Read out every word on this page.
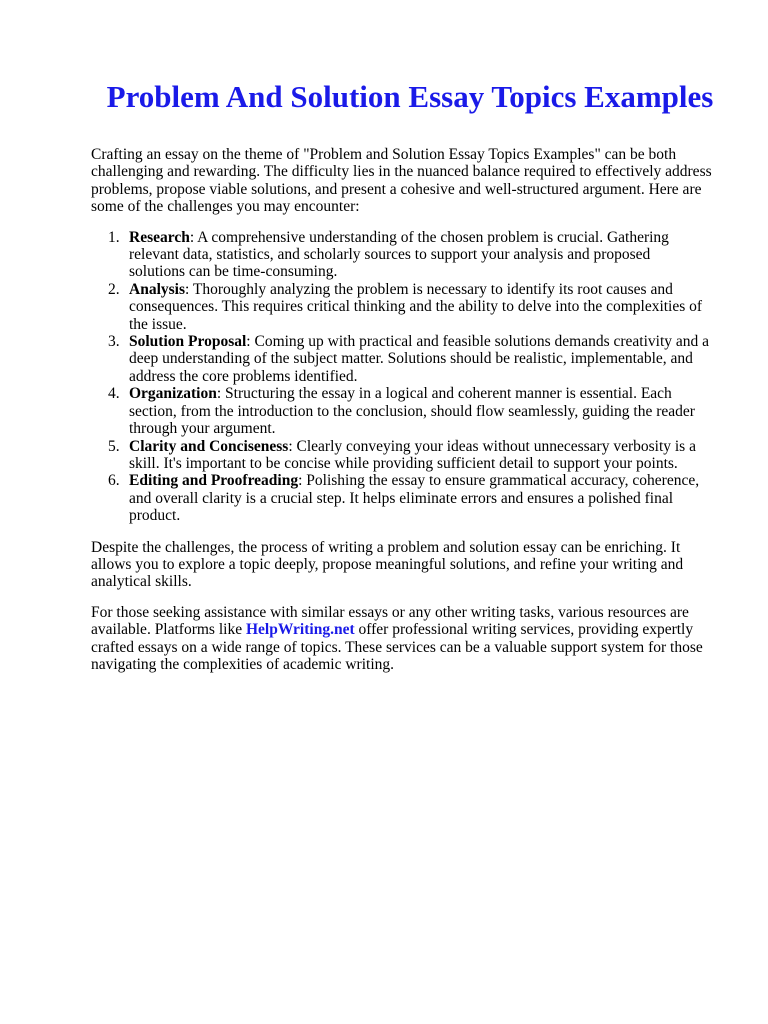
Problem And Solution Essay Topics Examples

Crafting an essay on the theme of "Problem and Solution Essay Topics Examples" can be both
challenging and rewarding. The difficulty lies in the nuanced balance required to effectively address
problems, propose viable solutions, and present a cohesive and well-structured argument. Here are
some of the challenges you may encounter:

1. Research: A comprehensive understanding of the chosen problem is crucial. Gathering
relevant data, statistics, and scholarly sources to support your analysis and proposed
solutions can be time-consuming.
2. Analysis: Thoroughly analyzing the problem is necessary to identify its root causes and
consequences. This requires critical thinking and the ability to delve into the complexities of
the issue.
3. Solution Proposal: Coming up with practical and feasible solutions demands creativity and a
deep understanding of the subject matter. Solutions should be realistic, implementable, and
address the core problems identified.
4. Organization: Structuring the essay in a logical and coherent manner is essential. Each
section, from the introduction to the conclusion, should flow seamlessly, guiding the reader
through your argument.
5. Clarity and Conciseness: Clearly conveying your ideas without unnecessary verbosity is a
skill. It's important to be concise while providing sufficient detail to support your points.
6. Editing and Proofreading: Polishing the essay to ensure grammatical accuracy, coherence,
and overall clarity is a crucial step. It helps eliminate errors and ensures a polished final
product.

Despite the challenges, the process of writing a problem and solution essay can be enriching. It
allows you to explore a topic deeply, propose meaningful solutions, and refine your writing and
analytical skills.

For those seeking assistance with similar essays or any other writing tasks, various resources are
available. Platforms like HelpWriting.net offer professional writing services, providing expertly
crafted essays on a wide range of topics. These services can be a valuable support system for those
navigating the complexities of academic writing.
